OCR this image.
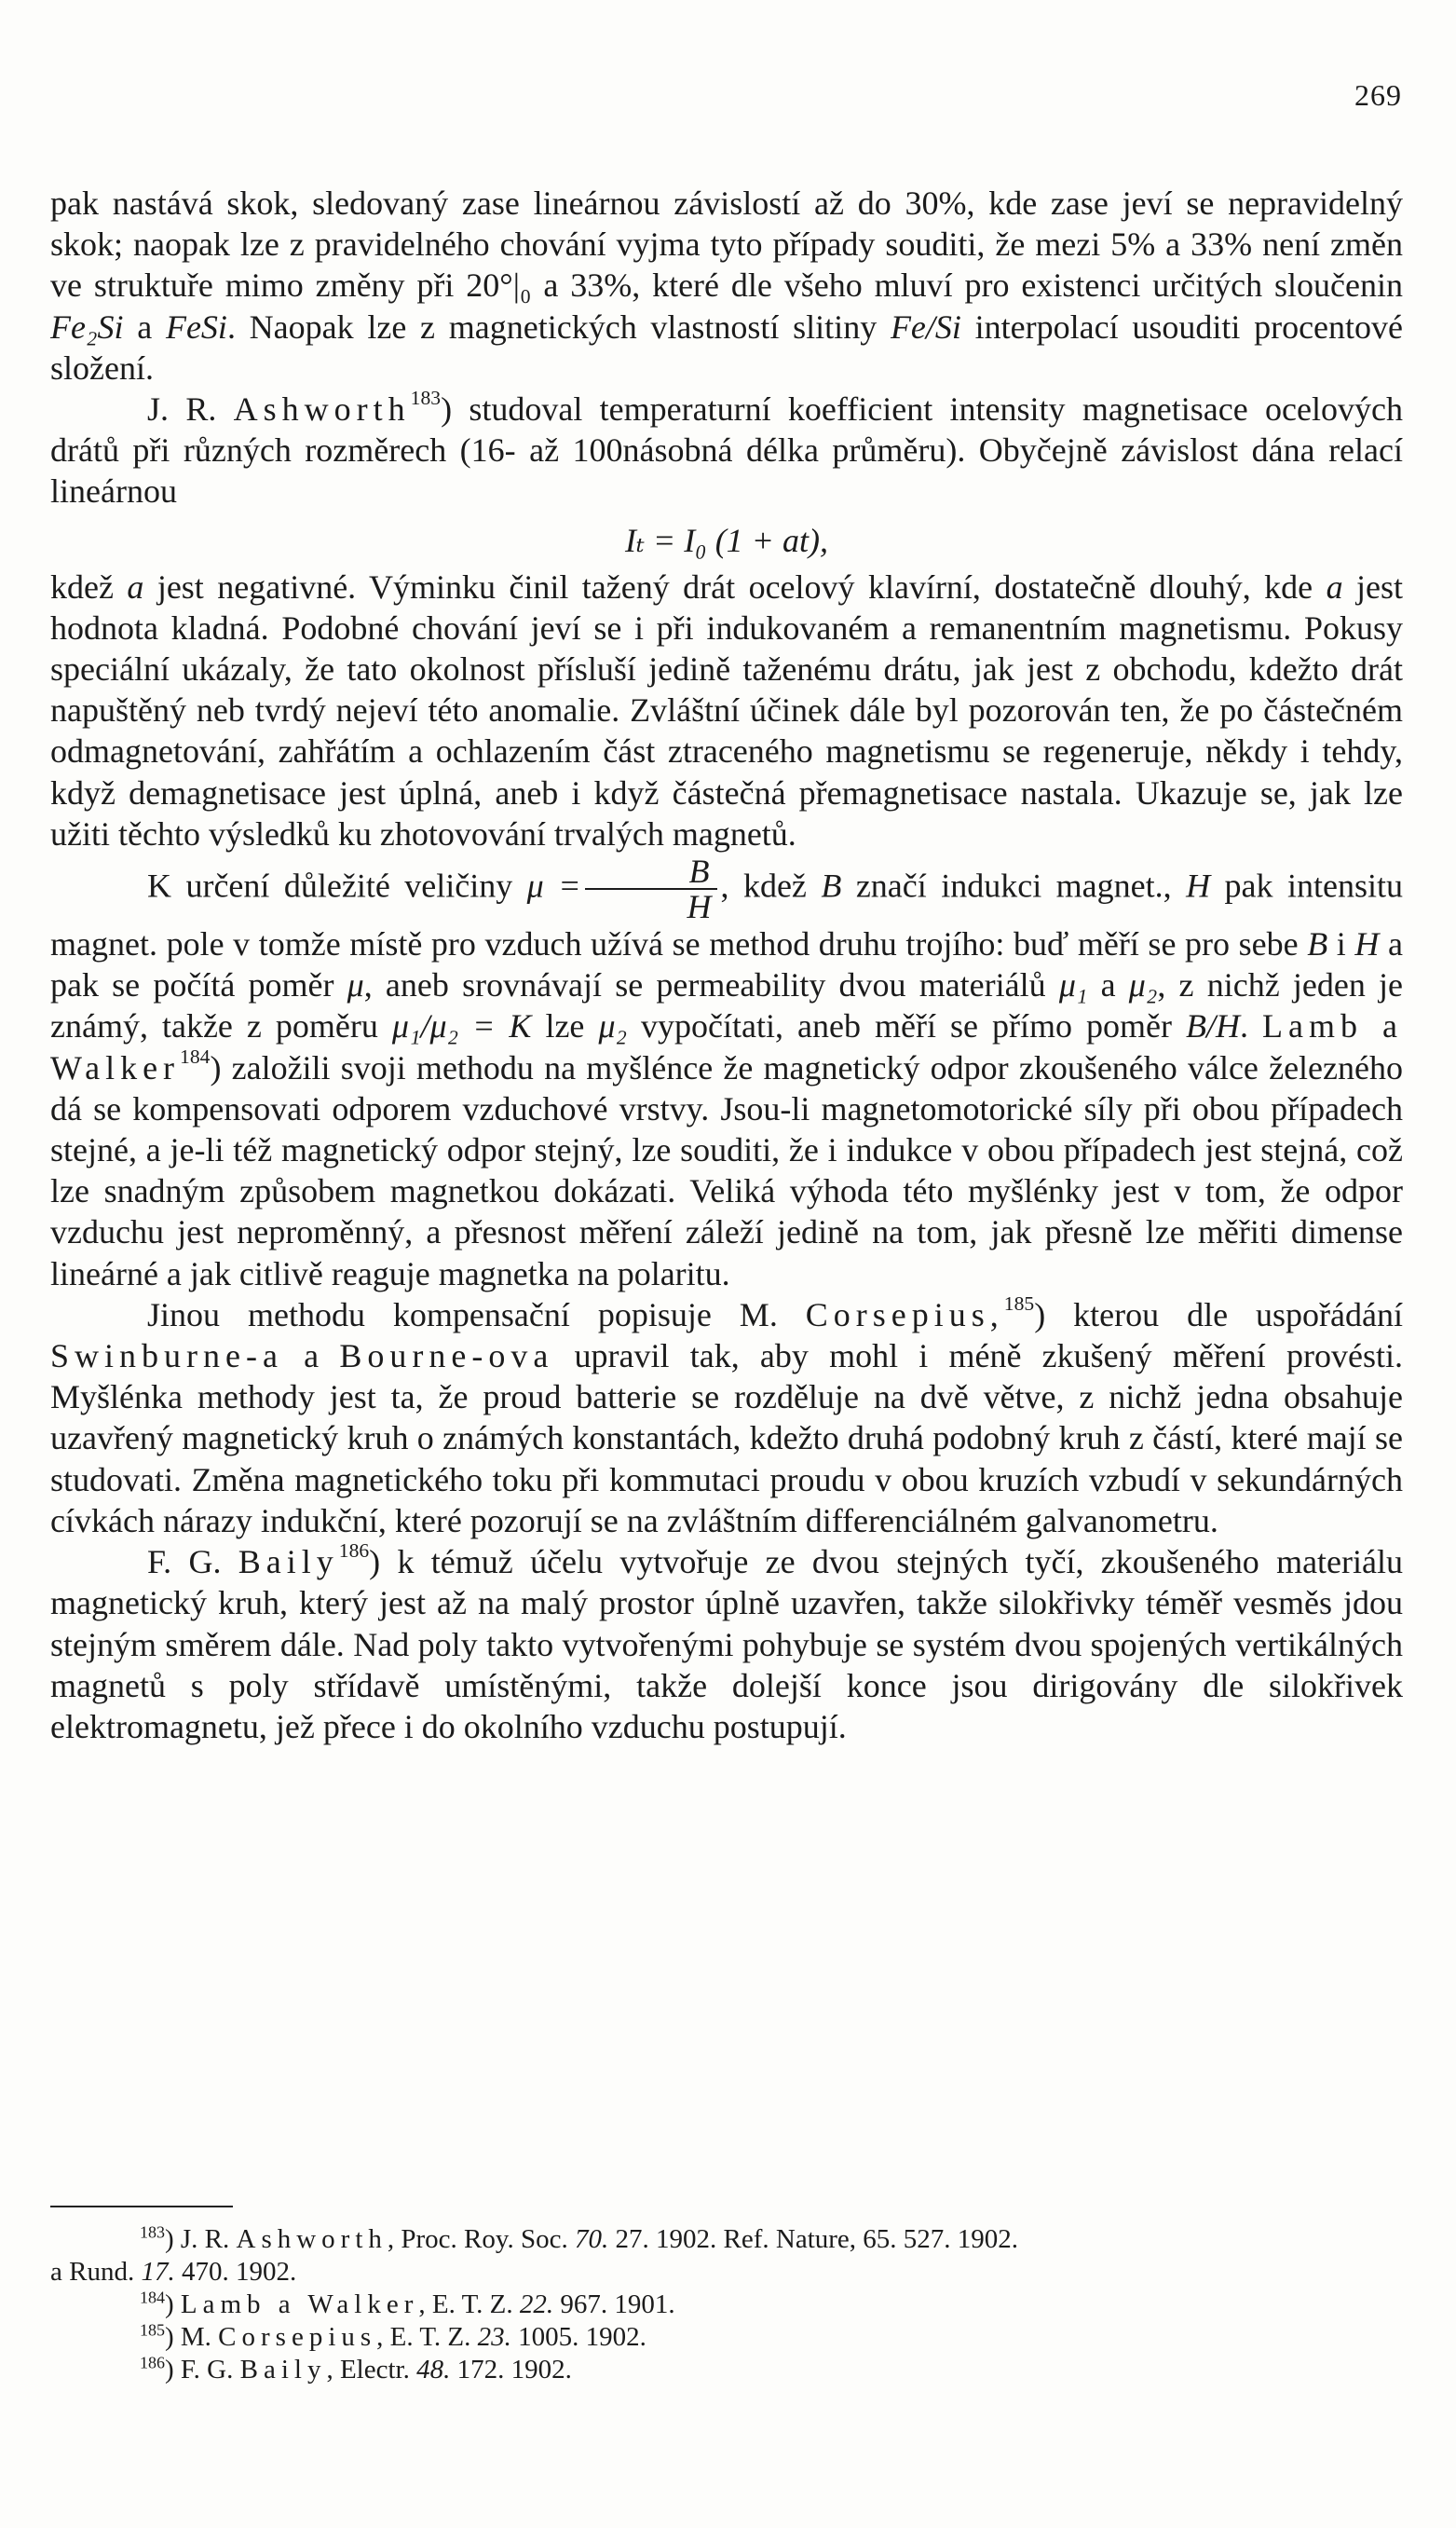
269

pak nastává skok, sledovaný zase lineárnou závislostí až do 30%, kde zase jeví se nepravidelný skok; naopak lze z pravidelného chování vyjma tyto případy souditi, že mezi 5% a 33% není změn ve struktuře mimo změny při 20°|₀ a 33%, které dle všeho mluví pro existenci určitých sloučenin Fe₂Si a FeSi. Naopak lze z magnetických vlastností slitiny Fe/Si interpolací usouditi procentové složení.

J. R. Ashworth$^{183}$) studoval temperaturní koefficient intensity magnetisace ocelových drátů při různých rozměrech (16- až 100násobná délka průměru). Obyčejně závislost dána relací lineárnou

Iₜ = I₀ (1 + at),

kdež a jest negativné. Výminku činil tažený drát ocelový klavírní, dostatečně dlouhý, kde a jest hodnota kladná. Podobné chování jeví se i při indukovaném a remanentním magnetismu. Pokusy speciální ukázaly, že tato okolnost přísluší jedině taženému drátu, jak jest z obchodu, kdežto drát napuštěný neb tvrdý nejeví této anomalie. Zvláštní účinek dále byl pozorován ten, že po částečném odmagnetování, zahřátím a ochlazením část ztraceného magnetismu se regeneruje, někdy i tehdy, když demagnetisace jest úplná, aneb i když částečná přemagnetisace nastala. Ukazuje se, jak lze užiti těchto výsledků ku zhotovování trvalých magnetů.

K určení důležité veličiny $\mu = \frac{B}{H}$ , kdež B značí indukci magnet., H pak intensitu magnet. pole v tomže místě pro vzduch užívá se method druhu trojího: buď měří se pro sebe B i H a pak se počítá poměr μ, aneb srovnávají se permeability dvou materiálů μ₁ a μ₂, z nichž jeden je známý, takže z poměru μ₁/μ₂ = K lze μ₂ vypočítati, aneb měří se přímo poměr B/H. Lamb a Walker$^{184}$) založili svoji methodu na myšlénce že magnetický odpor zkoušeného válce železného dá se kompensovati odporem vzduchové vrstvy. Jsou-li magnetomotorické síly při obou případech stejné, a je-li též magnetický odpor stejný, lze souditi, že i indukce v obou případech jest stejná, což lze snadným způsobem magnetkou dokázati. Veliká výhoda této myšlénky jest v tom, že odpor vzduchu jest neproměnný, a přesnost měření záleží jedině na tom, jak přesně lze měřiti dimense lineárné a jak citlivě reaguje magnetka na polaritu.

Jinou methodu kompensační popisuje M. Corsepius,$^{185}$) kterou dle uspořádání Swinburne-a a Bourne-ova upravil tak, aby mohl i méně zkušený měření provésti. Myšlénka methody jest ta, že proud batterie se rozděluje na dvě větve, z nichž jedna obsahuje uzavřený magnetický kruh o známých konstantách, kdežto druhá podobný kruh z částí, které mají se studovati. Změna magnetického toku při kommutaci proudu v obou kruzích vzbudí v sekundárných cívkách nárazy indukční, které pozorují se na zvláštním differenciálném galvanometru.

F. G. Baily$^{186}$) k témuž účelu vytvořuje ze dvou stejných tyčí, zkoušeného materiálu magnetický kruh, který jest až na malý prostor úplně uzavřen, takže silokřivky téměř vesměs jdou stejným směrem dále. Nad poly takto vytvořenými pohybuje se systém dvou spojených vertikálných magnetů s poly střídavě umístěnými, takže dolejší konce jsou dirigovány dle silokřivek elektromagnetu, jež přece i do okolního vzduchu postupují.

$^{183}$) J. R. Ashworth, Proc. Roy. Soc. 70. 27. 1902. Ref. Nature, 65. 527. 1902.

a Rund. 17. 470. 1902.

$^{184}$) Lamb a Walker, E. T. Z. 22. 967. 1901.

$^{185}$) M. Corsepius, E. T. Z. 23. 1005. 1902.

$^{186}$) F. G. Baily, Electr. 48. 172. 1902.
